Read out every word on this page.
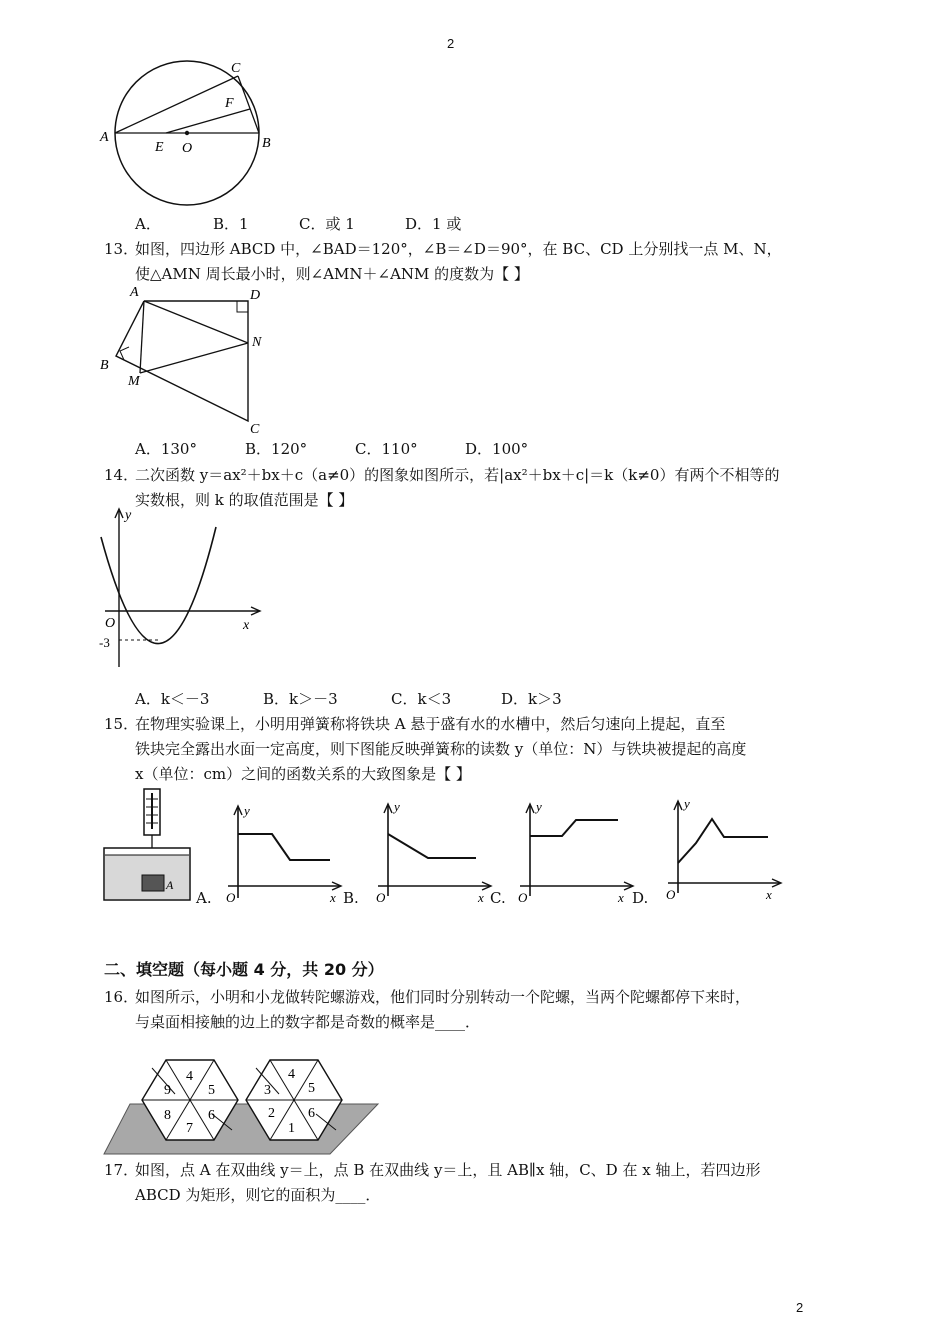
2
A	B
C
F
E O
A．	B．1	C．或 1	D．1 或
13．
如图，四边形 ABCD 中，∠BAD＝120°，∠B＝∠D＝90°，在 BC、CD 上分别找一点 M、N，
使△AMN 周长最小时，则∠AMN＋∠ANM 的度数为【 】
A	D
N
B
M
C
A．130°	B．120°	C．110°	D．100°
14．
二次函数 y＝ax²＋bx＋c（a≠0）的图象如图所示，若|ax²＋bx＋c|＝k（k≠0）有两个不相等的
实数根，则 k 的取值范围是【 】
y
x
O
-3
A．k＜－3	B．k＞－3	C．k＜3	D．k＞3
15．
在物理实验课上，小明用弹簧称将铁块 A 悬于盛有水的水槽中，然后匀速向上提起，直至
铁块完全露出水面一定高度，则下图能反映弹簧称的读数 y（单位：N）与铁块被提起的高度
x（单位：cm）之间的函数关系的大致图象是【 】
A
A.
y
O	x B.
y
O	x C.
y
O	x D.
y
O	x
二、填空题（每小题 4 分，共 20 分）
16．
如图所示，小明和小龙做转陀螺游戏，他们同时分别转动一个陀螺，当两个陀螺都停下来时，
与桌面相接触的边上的数字都是奇数的概率是____．
4
5
6
7
8
9
4
5
6
1
2
3
17．
如图，点 A 在双曲线 y＝上，点 B 在双曲线 y＝上，且 AB∥x 轴，C、D 在 x 轴上，若四边形
ABCD 为矩形，则它的面积为____．
2
